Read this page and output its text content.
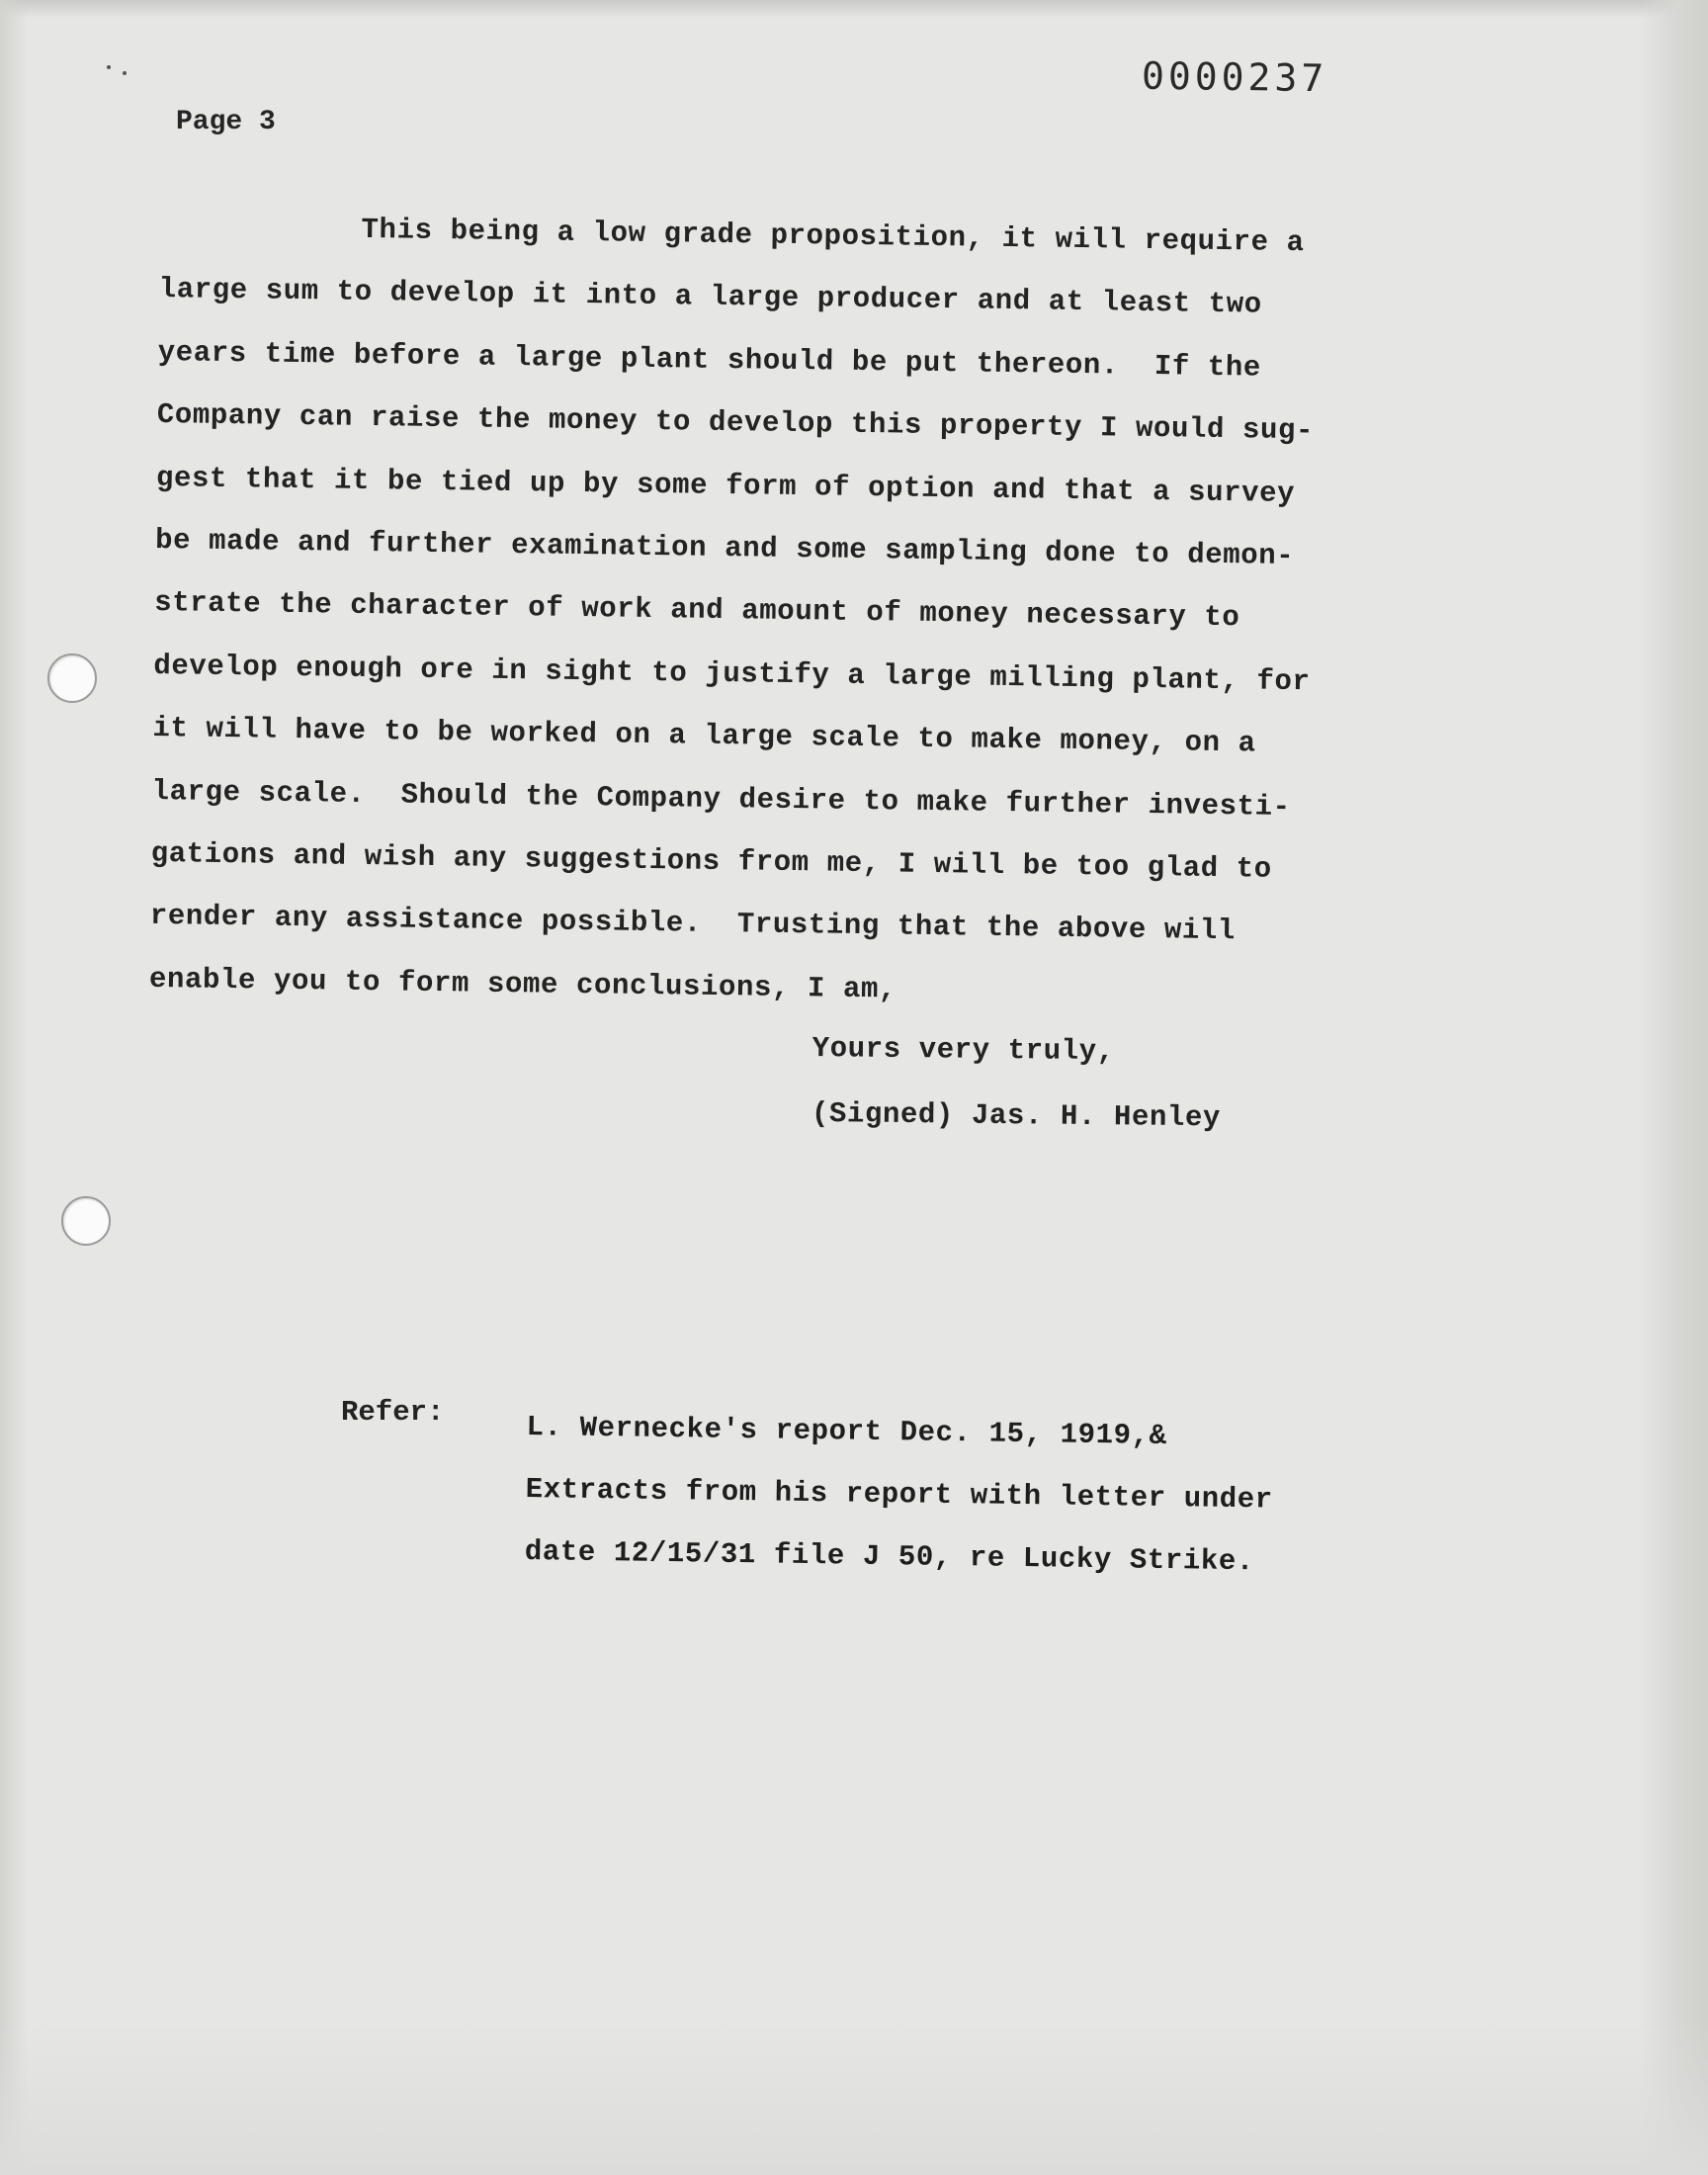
0000237
Page 3
This being a low grade proposition, it will require a
large sum to develop it into a large producer and at least two
years time before a large plant should be put thereon.  If the
Company can raise the money to develop this property I would sug-
gest that it be tied up by some form of option and that a survey
be made and further examination and some sampling done to demon-
strate the character of work and amount of money necessary to
develop enough ore in sight to justify a large milling plant, for
it will have to be worked on a large scale to make money, on a
large scale.  Should the Company desire to make further investi-
gations and wish any suggestions from me, I will be too glad to
render any assistance possible.  Trusting that the above will
enable you to form some conclusions, I am,
Yours very truly,
(Signed) Jas. H. Henley
Refer:	L. Wernecke's report Dec. 15, 1919,&
Extracts from his report with letter under
date 12/15/31 file J 50, re Lucky Strike.
